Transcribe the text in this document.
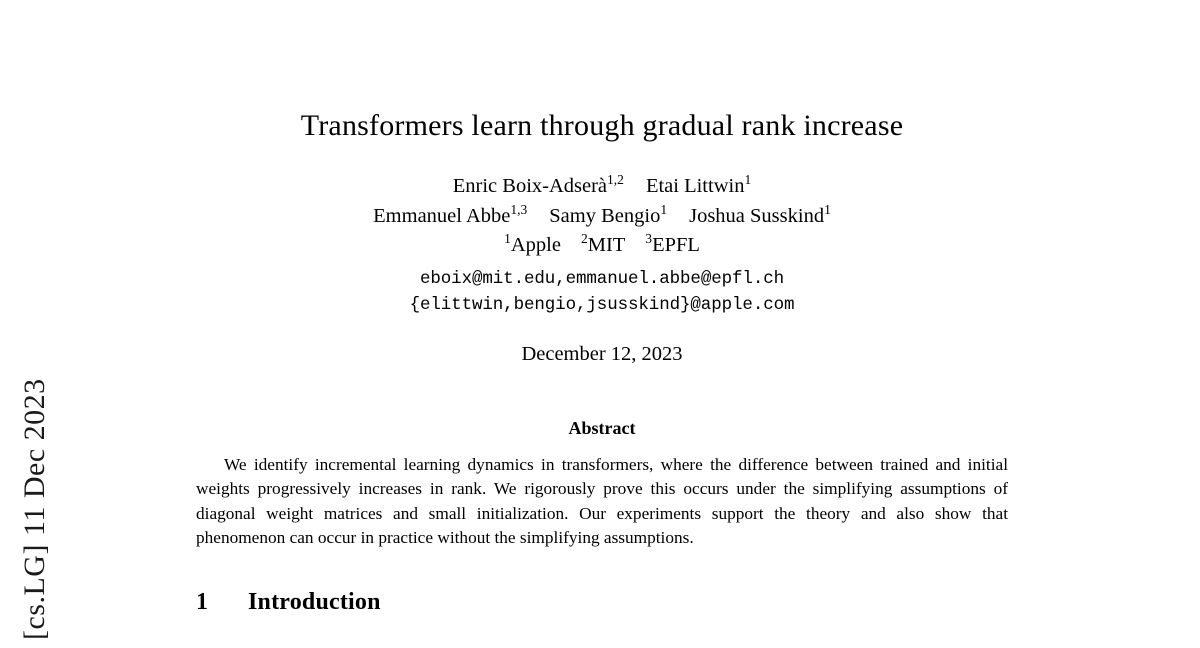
[cs.LG] 11 Dec 2023
Transformers learn through gradual rank increase
Enric Boix-Adserà$^{1,2}$ Etai Littwin$^1$
Emmanuel Abbe$^{1,3}$ Samy Bengio$^1$ Joshua Susskind$^1$
$^1$Apple $^2$MIT $^3$EPFL
eboix@mit.edu,emmanuel.abbe@epfl.ch
{elittwin,bengio,jsusskind}@apple.com
December 12, 2023
Abstract
We identify incremental learning dynamics in transformers, where the difference between trained and initial weights progressively increases in rank. We rigorously prove this occurs under the simplifying assumptions of diagonal weight matrices and small initialization. Our experiments support the theory and also show that phenomenon can occur in practice without the simplifying assumptions.
1	Introduction
